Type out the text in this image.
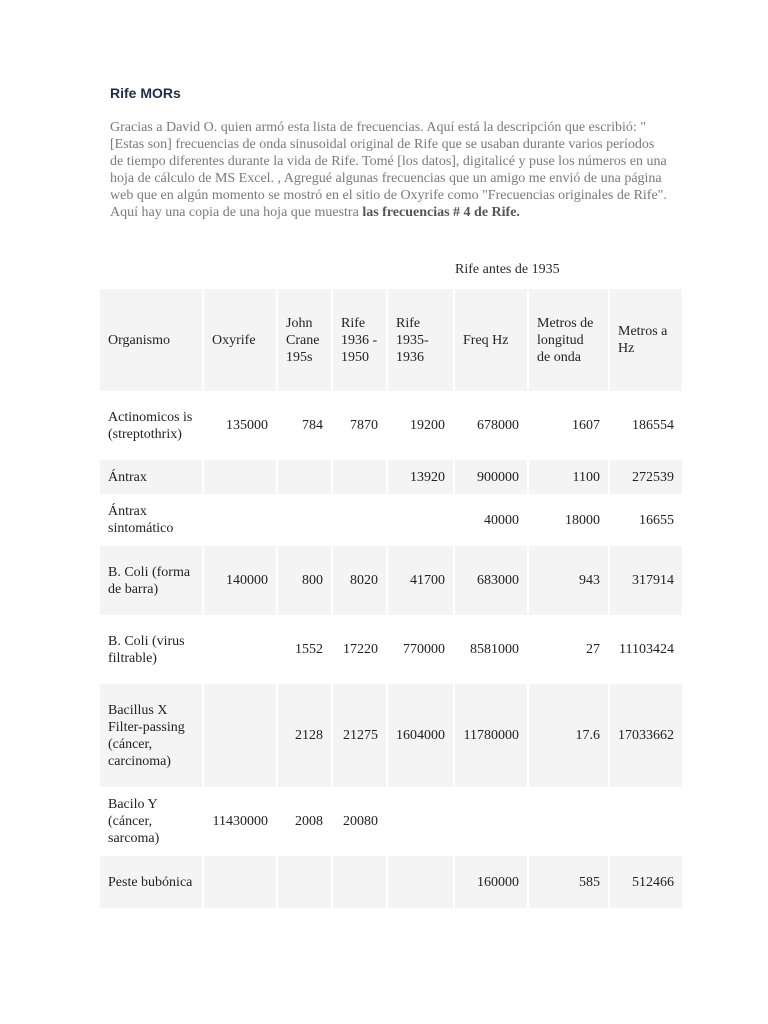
Rife MORs

Gracias a David O. quien armó esta lista de frecuencias. Aquí está la descripción que escribió: "[Estas son] frecuencias de onda sinusoidal original de Rife que se usaban durante varios períodos de tiempo diferentes durante la vida de Rife. Tomé [los datos], digitalicé y puse los números en una hoja de cálculo de MS Excel. , Agregué algunas frecuencias que un amigo me envió de una página web que en algún momento se mostró en el sitio de Oxyrife como "Frecuencias originales de Rife". Aquí hay una copia de una hoja que muestra las frecuencias # 4 de Rife.

Rife antes de 1935
Organismo	Oxyrife	John Crane 195s	Rife 1936 - 1950	Rife 1935-1936	Freq Hz	Metros de longitud de onda	Metros a Hz
Actinomicos is (streptothrix)	135000	784	7870	19200	678000	1607	186554
Ántrax				13920	900000	1100	272539
Ántrax sintomático					40000	18000	16655
B. Coli (forma de barra)	140000	800	8020	41700	683000	943	317914
B. Coli (virus filtrable)		1552	17220	770000	8581000	27	11103424
Bacillus X Filter-passing (cáncer, carcinoma)		2128	21275	1604000	11780000	17.6	17033662
Bacilo Y (cáncer, sarcoma)	11430000	2008	20080				
Peste bubónica					160000	585	512466
